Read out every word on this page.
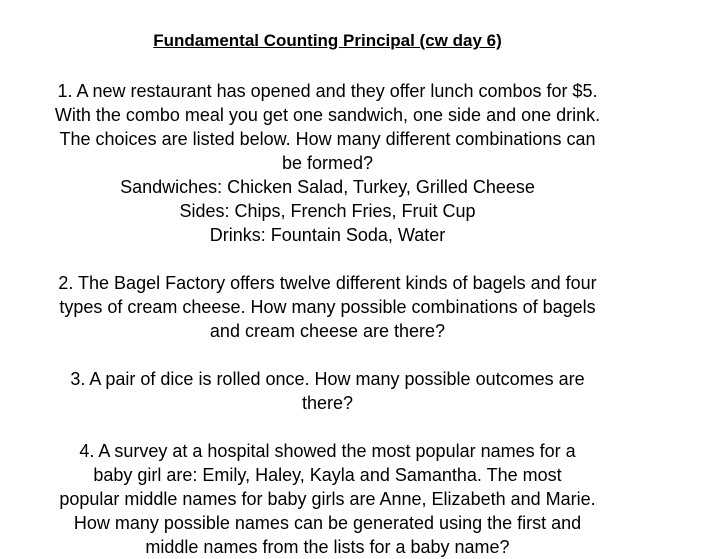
Fundamental Counting Principal (cw day 6)
1. A new restaurant has opened and they offer lunch combos for $5.
With the combo meal you get one sandwich, one side and one drink.
The choices are listed below. How many different combinations can
be formed?
Sandwiches: Chicken Salad, Turkey, Grilled Cheese
Sides: Chips, French Fries, Fruit Cup
Drinks: Fountain Soda, Water
2. The Bagel Factory offers twelve different kinds of bagels and four
types of cream cheese. How many possible combinations of bagels
and cream cheese are there?
3. A pair of dice is rolled once. How many possible outcomes are
there?
4. A survey at a hospital showed the most popular names for a
baby girl are: Emily, Haley, Kayla and Samantha. The most
popular middle names for baby girls are Anne, Elizabeth and Marie.
How many possible names can be generated using the first and
middle names from the lists for a baby name?
